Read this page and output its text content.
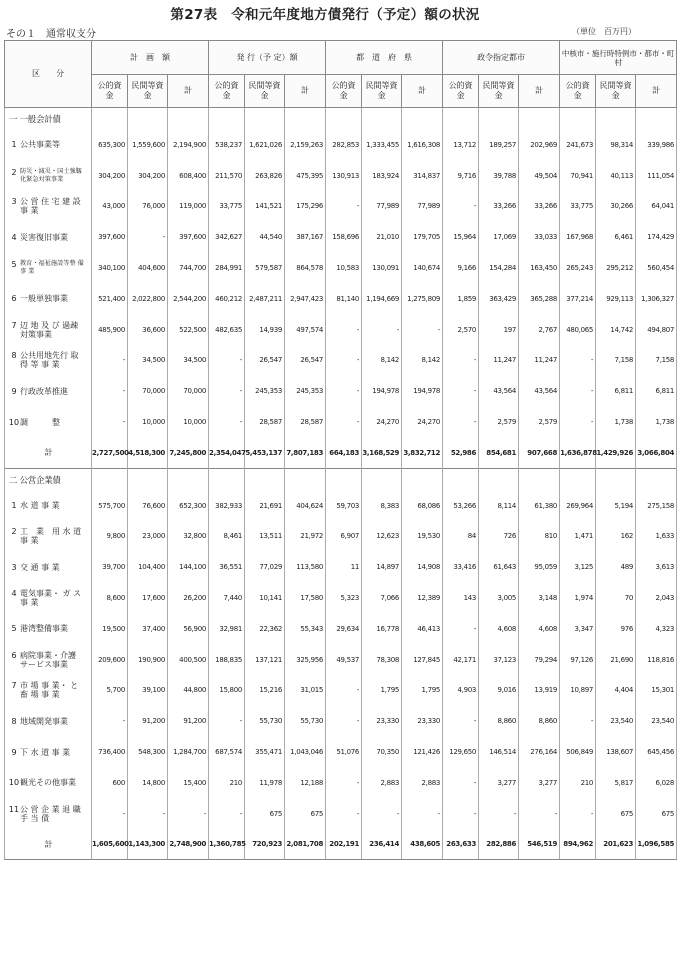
第27表　令和元年度地方債発行（予定）額の状況
その１　通常収支分	（単位　百万円）
区　　分	計　画　額			発 行（予 定）額			都　道　府　県			政令指定都市			中核市・施行時特例市・都市・町村		
	公的資金	民間等資金	計	公的資金	民間等資金	計	公的資金	民間等資金	計	公的資金	民間等資金	計	公的資金	民間等資金	計
一 一般会計債															
1 公共事業等	635,300	1,559,600	2,194,900	538,237	1,621,026	2,159,263	282,853	1,333,455	1,616,308	13,712	189,257	202,969	241,673	98,314	339,986
2 防災・減災・国土強靱化緊急対策事業	304,200	304,200	608,400	211,570	263,826	475,395	130,913	183,924	314,837	9,716	39,788	49,504	70,941	40,113	111,054
3 公 営 住 宅 建 設 事 業	43,000	76,000	119,000	33,775	141,521	175,296	-	77,989	77,989	-	33,266	33,266	33,775	30,266	64,041
4 災害復旧事業	397,600	-	397,600	342,627	44,540	387,167	158,696	21,010	179,705	15,964	17,069	33,033	167,968	6,461	174,429
5 教育・福祉施設等整 備 事 業	340,100	404,600	744,700	284,991	579,587	864,578	10,583	130,091	140,674	9,166	154,284	163,450	265,243	295,212	560,454
6 一般単独事業	521,400	2,022,800	2,544,200	460,212	2,487,211	2,947,423	81,140	1,194,669	1,275,809	1,859	363,429	365,288	377,214	929,113	1,306,327
7 辺 地 及 び 過疎対策事業	485,900	36,600	522,500	482,635	14,939	497,574	-	-	-	2,570	197	2,767	480,065	14,742	494,807
8 公共用地先行 取 得 等 事 業	-	34,500	34,500	-	26,547	26,547	-	8,142	8,142	-	11,247	11,247	-	7,158	7,158
9 行政改革推進	-	70,000	70,000	-	245,353	245,353	-	194,978	194,978	-	43,564	43,564	-	6,811	6,811
10調　　　整	-	10,000	10,000	-	28,587	28,587	-	24,270	24,270	-	2,579	2,579	-	1,738	1,738
計	2,727,500	4,518,300	7,245,800	2,354,047	5,453,137	7,807,183	664,183	3,168,529	3,832,712	52,986	854,681	907,668	1,636,878	1,429,926	3,066,804
二 公営企業債															
1 水 道 事 業	575,700	76,600	652,300	382,933	21,691	404,624	59,703	8,383	68,086	53,266	8,114	61,380	269,964	5,194	275,158
2 工　業　用 水 道 事 業	9,800	23,000	32,800	8,461	13,511	21,972	6,907	12,623	19,530	84	726	810	1,471	162	1,633
3 交 通 事 業	39,700	104,400	144,100	36,551	77,029	113,580	11	14,897	14,908	33,416	61,643	95,059	3,125	489	3,613
4 電気事業・ ガ ス 事 業	8,600	17,600	26,200	7,440	10,141	17,580	5,323	7,066	12,389	143	3,005	3,148	1,974	70	2,043
5 港湾整備事業	19,500	37,400	56,900	32,981	22,362	55,343	29,634	16,778	46,413	-	4,608	4,608	3,347	976	4,323
6 病院事業・介護 サービス事業	209,600	190,900	400,500	188,835	137,121	325,956	49,537	78,308	127,845	42,171	37,123	79,294	97,126	21,690	118,816
7 市 場 事 業・ と 畜 場 事 業	5,700	39,100	44,800	15,800	15,216	31,015	-	1,795	1,795	4,903	9,016	13,919	10,897	4,404	15,301
8 地域開発事業	-	91,200	91,200	-	55,730	55,730	-	23,330	23,330	-	8,860	8,860	-	23,540	23,540
9 下 水 道 事 業	736,400	548,300	1,284,700	687,574	355,471	1,043,046	51,076	70,350	121,426	129,650	146,514	276,164	506,849	138,607	645,456
10観光その他事業	600	14,800	15,400	210	11,978	12,188	-	2,883	2,883	-	3,277	3,277	210	5,817	6,028
11公 営 企 業 退 職 手 当 債	-	-	-	-	675	675	-	-	-	-	-	-	-	675	675
計	1,605,600	1,143,300	2,748,900	1,360,785	720,923	2,081,708	202,191	236,414	438,605	263,633	282,886	546,519	894,962	201,623	1,096,585
